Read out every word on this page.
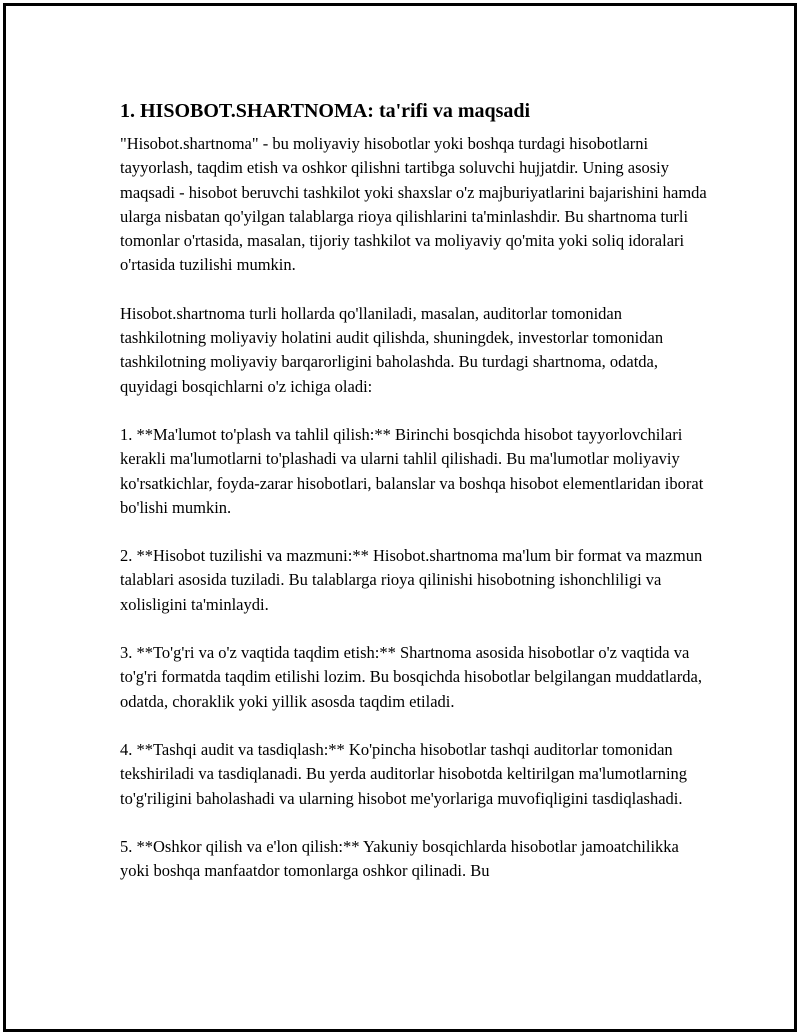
1. HISOBOT.SHARTNOMA: ta'rifi va maqsadi

"Hisobot.shartnoma" - bu moliyaviy hisobotlar yoki boshqa turdagi hisobotlarni tayyorlash, taqdim etish va oshkor qilishni tartibga soluvchi hujjatdir. Uning asosiy maqsadi - hisobot beruvchi tashkilot yoki shaxslar o'z majburiyatlarini bajarishini hamda ularga nisbatan qo'yilgan talablarga rioya qilishlarini ta'minlashdir. Bu shartnoma turli tomonlar o'rtasida, masalan, tijoriy tashkilot va moliyaviy qo'mita yoki soliq idoralari o'rtasida tuzilishi mumkin.

Hisobot.shartnoma turli hollarda qo'llaniladi, masalan, auditorlar tomonidan tashkilotning moliyaviy holatini audit qilishda, shuningdek, investorlar tomonidan tashkilotning moliyaviy barqarorligini baholashda. Bu turdagi shartnoma, odatda, quyidagi bosqichlarni o'z ichiga oladi:

1. **Ma'lumot to'plash va tahlil qilish:** Birinchi bosqichda hisobot tayyorlovchilari kerakli ma'lumotlarni to'plashadi va ularni tahlil qilishadi. Bu ma'lumotlar moliyaviy ko'rsatkichlar, foyda-zarar hisobotlari, balanslar va boshqa hisobot elementlaridan iborat bo'lishi mumkin.

2. **Hisobot tuzilishi va mazmuni:** Hisobot.shartnoma ma'lum bir format va mazmun talablari asosida tuziladi. Bu talablarga rioya qilinishi hisobotning ishonchliligi va xolisligini ta'minlaydi.

3. **To'g'ri va o'z vaqtida taqdim etish:** Shartnoma asosida hisobotlar o'z vaqtida va to'g'ri formatda taqdim etilishi lozim. Bu bosqichda hisobotlar belgilangan muddatlarda, odatda, choraklik yoki yillik asosda taqdim etiladi.

4. **Tashqi audit va tasdiqlash:** Ko'pincha hisobotlar tashqi auditorlar tomonidan tekshiriladi va tasdiqlanadi. Bu yerda auditorlar hisobotda keltirilgan ma'lumotlarning to'g'riligini baholashadi va ularning hisobot me'yorlariga muvofiqligini tasdiqlashadi.

5. **Oshkor qilish va e'lon qilish:** Yakuniy bosqichlarda hisobotlar jamoatchilikka yoki boshqa manfaatdor tomonlarga oshkor qilinadi. Bu
